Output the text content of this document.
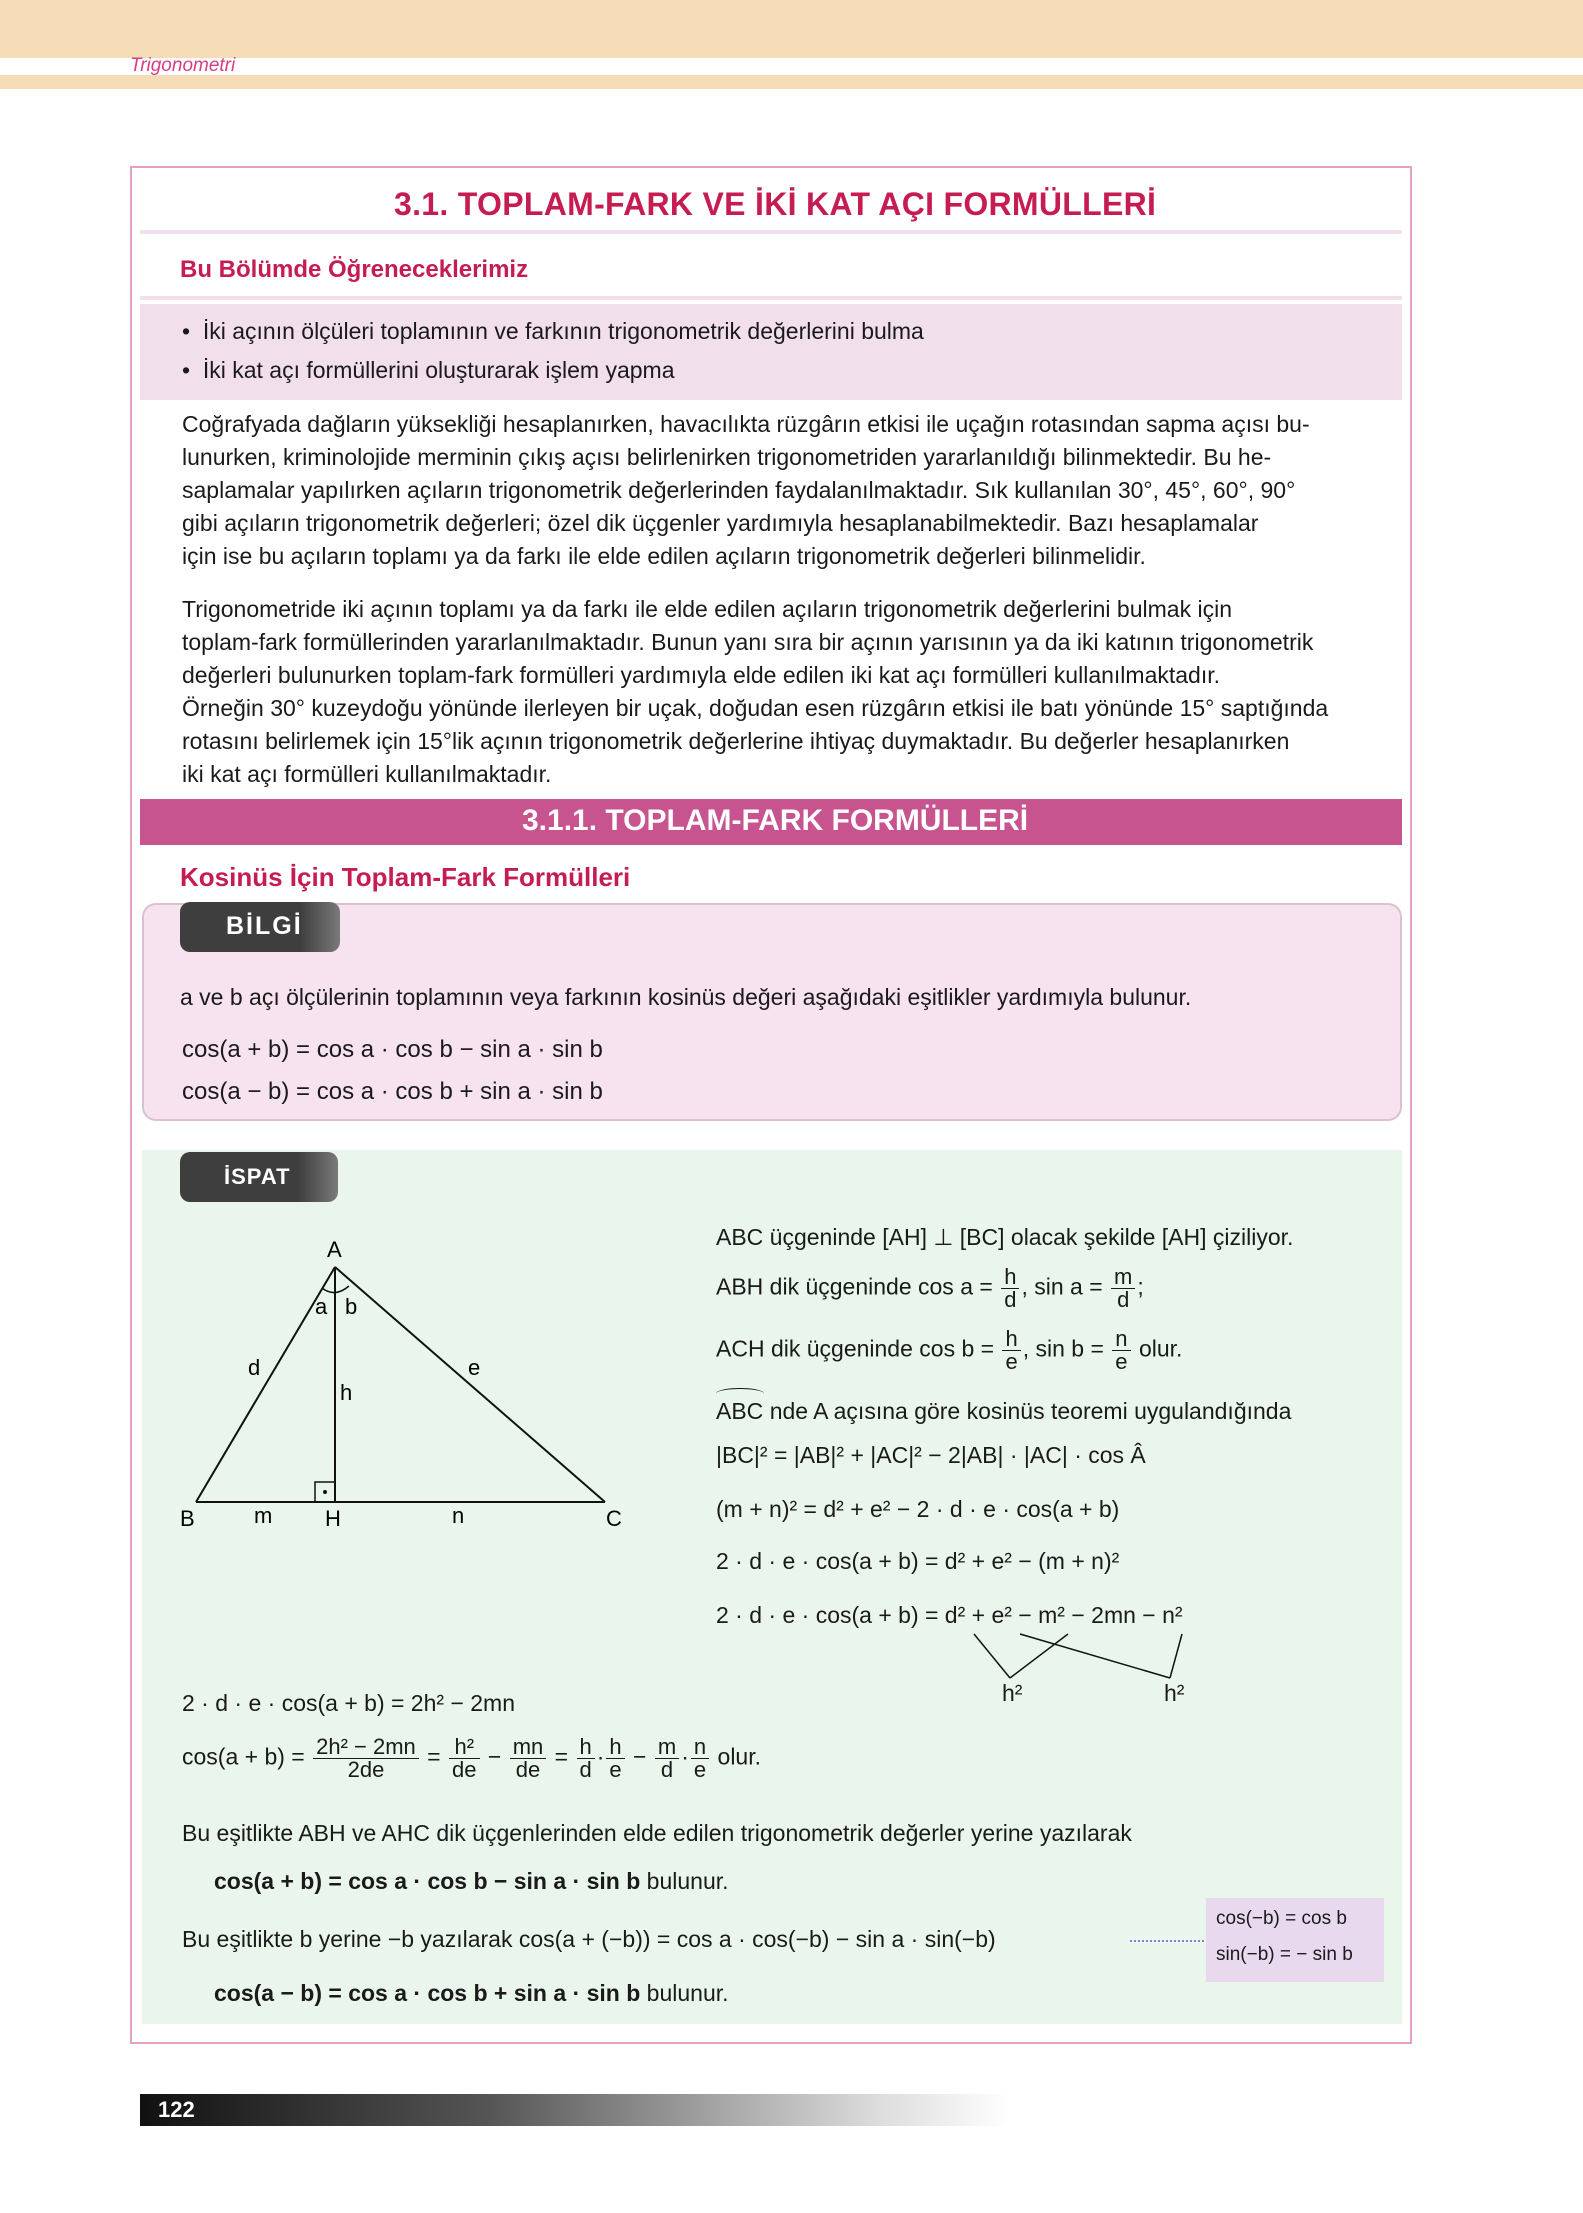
Trigonometri
3.1. TOPLAM-FARK VE İKİ KAT AÇI FORMÜLLERİ
Bu Bölümde Öğreneceklerimiz
•  İki açının ölçüleri toplamının ve farkının trigonometrik değerlerini bulma
•  İki kat açı formüllerini oluşturarak işlem yapma
Coğrafyada dağların yüksekliği hesaplanırken, havacılıkta rüzgârın etkisi ile uçağın rotasından sapma açısı bu-
lunurken, kriminolojide merminin çıkış açısı belirlenirken trigonometriden yararlanıldığı bilinmektedir. Bu he-
saplamalar yapılırken açıların trigonometrik değerlerinden faydalanılmaktadır. Sık kullanılan 30°, 45°, 60°, 90°
gibi açıların trigonometrik değerleri; özel dik üçgenler yardımıyla hesaplanabilmektedir. Bazı hesaplamalar
için ise bu açıların toplamı ya da farkı ile elde edilen açıların trigonometrik değerleri bilinmelidir.
Trigonometride iki açının toplamı ya da farkı ile elde edilen açıların trigonometrik değerlerini bulmak için
toplam-fark formüllerinden yararlanılmaktadır. Bunun yanı sıra bir açının yarısının ya da iki katının trigonometrik
değerleri bulunurken toplam-fark formülleri yardımıyla elde edilen iki kat açı formülleri kullanılmaktadır.
Örneğin 30° kuzeydoğu yönünde ilerleyen bir uçak, doğudan esen rüzgârın etkisi ile batı yönünde 15° saptığında
rotasını belirlemek için 15°lik açının trigonometrik değerlerine ihtiyaç duymaktadır. Bu değerler hesaplanırken
iki kat açı formülleri kullanılmaktadır.
3.1.1. TOPLAM-FARK FORMÜLLERİ
Kosinüs İçin Toplam-Fark Formülleri
BİLGİ
a ve b açı ölçülerinin toplamının veya farkının kosinüs değeri aşağıdaki eşitlikler yardımıyla bulunur.
cos(a + b) = cos a · cos b − sin a · sin b
cos(a − b) = cos a · cos b + sin a · sin b
İSPAT
A
B	C
H
a b
d	e
h
m	n
ABC üçgeninde [AH] ⊥ [BC] olacak şekilde [AH] çiziliyor.
ABH dik üçgeninde $\cos a = \frac{h}{d}$ , $\sin a = \frac{m}{d}$ ;
ACH dik üçgeninde $\cos b = \frac{h}{e}$ , $\sin b = \frac{n}{e}$ olur.
ABC nde A açısına göre kosinüs teoremi uygulandığında
|BC|² = |AB|² + |AC|² − 2|AB| · |AC| · cos Â
(m + n)² = d² + e² − 2 · d · e · cos(a + b)
2 · d · e · cos(a + b) = d² + e² − (m + n)²
2 · d · e · cos(a + b) = d² + e² − m² − 2mn − n²
h²	h²
2 · d · e · cos(a + b) = 2h² − 2mn
$\cos(a + b) = \frac{\text{2h² − 2mn}}{2de} = \frac{\text{h²}}{de} - \frac{mn}{de} = \frac{h}{d} \cdot \frac{h}{e} - \frac{m}{d} \cdot \frac{n}{e}$ olur.
Bu eşitlikte ABH ve AHC dik üçgenlerinden elde edilen trigonometrik değerler yerine yazılarak
cos(a + b) = cos a · cos b − sin a · sin b bulunur.
Bu eşitlikte b yerine −b yazılarak cos(a + (−b)) = cos a · cos(−b) − sin a · sin(−b)
cos(a − b) = cos a · cos b + sin a · sin b bulunur.
cos(−b) = cos b
sin(−b) = − sin b
122
